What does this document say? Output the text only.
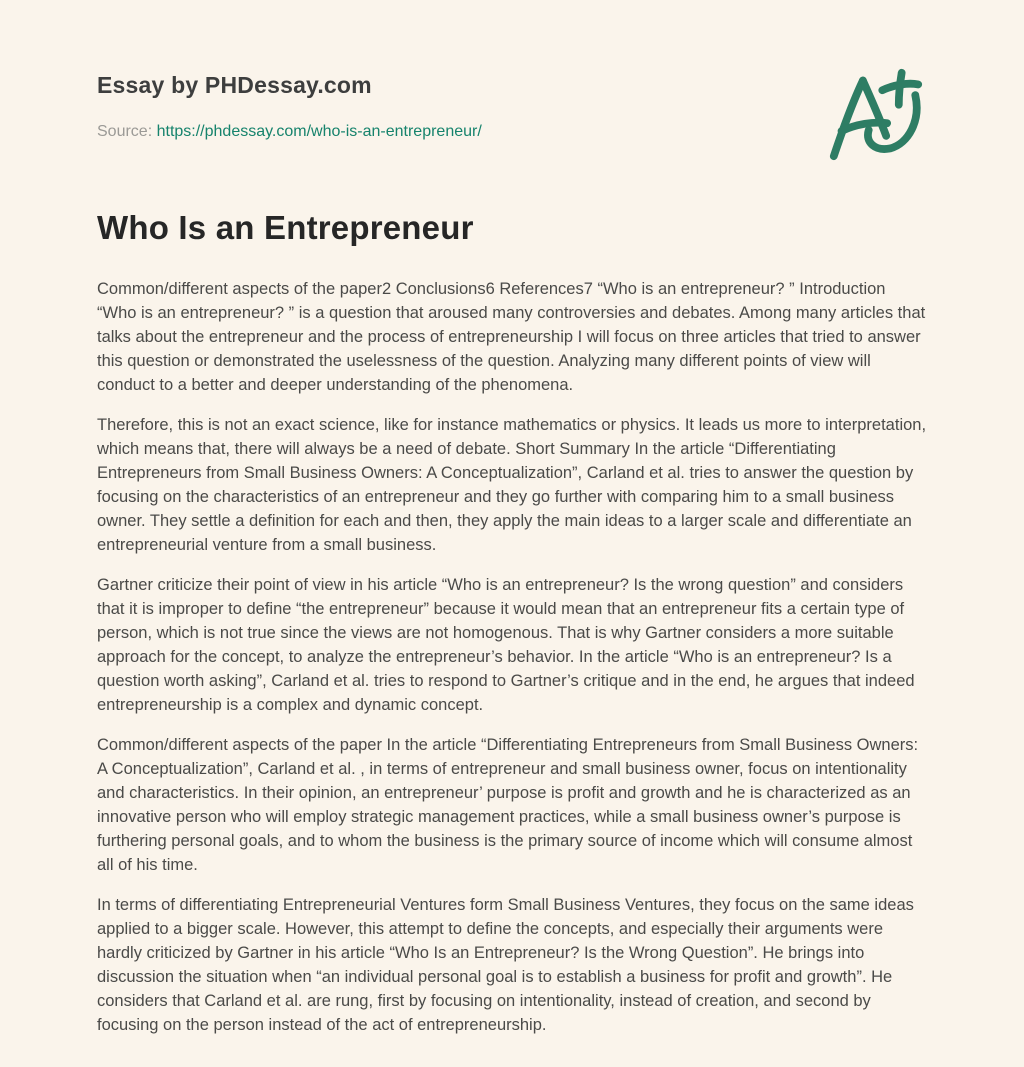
Essay by PHDessay.com
Source: https://phdessay.com/who-is-an-entrepreneur/
Who Is an Entrepreneur

Common/different aspects of the paper2 Conclusions6 References7 “Who is an entrepreneur? ” Introduction “Who is an entrepreneur? ” is a question that aroused many controversies and debates. Among many articles that talks about the entrepreneur and the process of entrepreneurship I will focus on three articles that tried to answer this question or demonstrated the uselessness of the question. Analyzing many different points of view will conduct to a better and deeper understanding of the phenomena.

Therefore, this is not an exact science, like for instance mathematics or physics. It leads us more to interpretation, which means that, there will always be a need of debate. Short Summary In the article “Differentiating Entrepreneurs from Small Business Owners: A Conceptualization”, Carland et al. tries to answer the question by focusing on the characteristics of an entrepreneur and they go further with comparing him to a small business owner. They settle a definition for each and then, they apply the main ideas to a larger scale and differentiate an entrepreneurial venture from a small business.

Gartner criticize their point of view in his article “Who is an entrepreneur? Is the wrong question” and considers that it is improper to define “the entrepreneur” because it would mean that an entrepreneur fits a certain type of person, which is not true since the views are not homogenous. That is why Gartner considers a more suitable approach for the concept, to analyze the entrepreneur’s behavior. In the article “Who is an entrepreneur? Is a question worth asking”, Carland et al. tries to respond to Gartner’s critique and in the end, he argues that indeed entrepreneurship is a complex and dynamic concept.

Common/different aspects of the paper In the article “Differentiating Entrepreneurs from Small Business Owners: A Conceptualization”, Carland et al. , in terms of entrepreneur and small business owner, focus on intentionality and characteristics. In their opinion, an entrepreneur’ purpose is profit and growth and he is characterized as an innovative person who will employ strategic management practices, while a small business owner’s purpose is furthering personal goals, and to whom the business is the primary source of income which will consume almost all of his time.

In terms of differentiating Entrepreneurial Ventures form Small Business Ventures, they focus on the same ideas applied to a bigger scale. However, this attempt to define the concepts, and especially their arguments were hardly criticized by Gartner in his article “Who Is an Entrepreneur? Is the Wrong Question”. He brings into discussion the situation when “an individual personal goal is to establish a business for profit and growth”. He considers that Carland et al. are rung, first by focusing on intentionality, instead of creation, and second by focusing on the person instead of the act of entrepreneurship.
